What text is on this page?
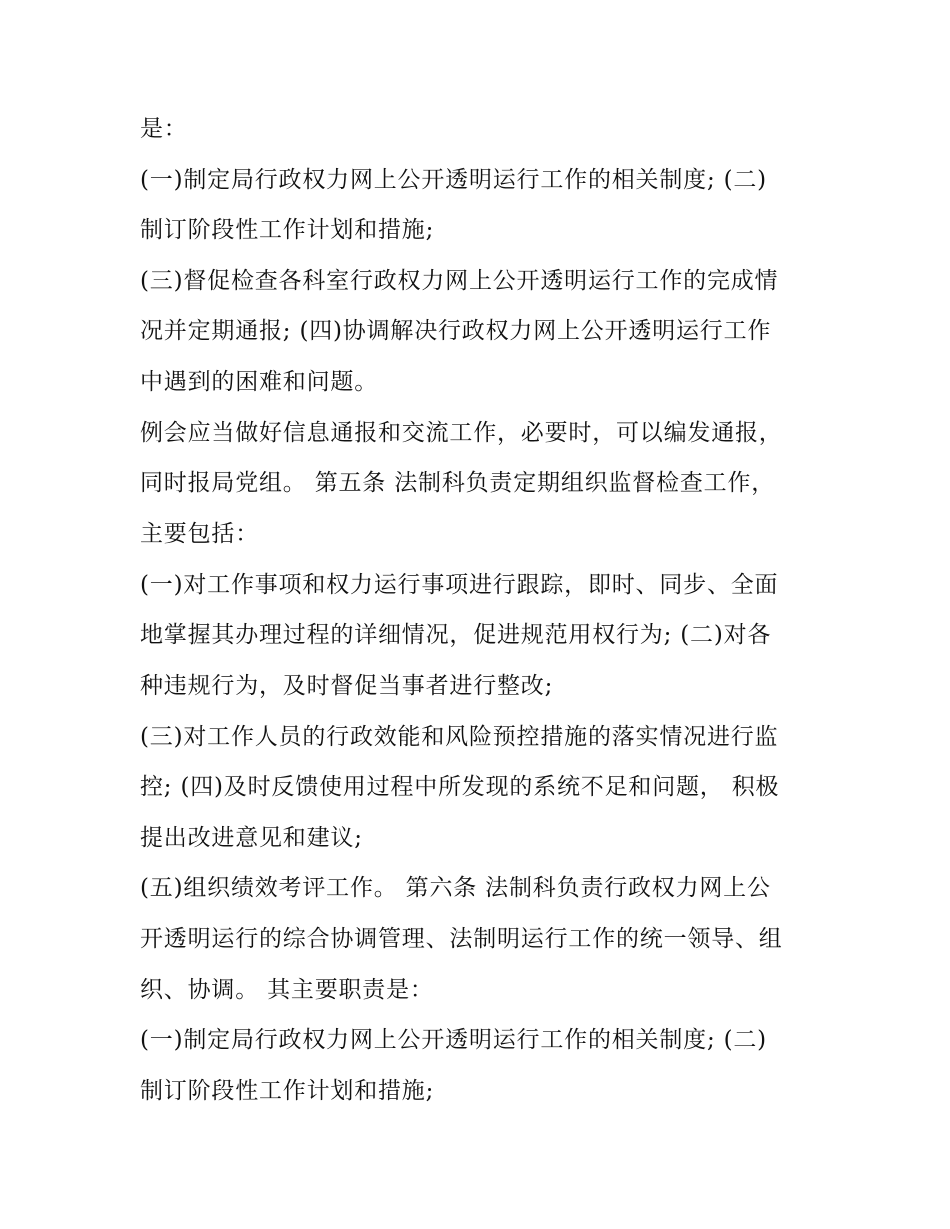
是：

(一)制定局行政权力网上公开透明运行工作的相关制度; (二)

制订阶段性工作计划和措施;

(三)督促检查各科室行政权力网上公开透明运行工作的完成情

况并定期通报; (四)协调解决行政权力网上公开透明运行工作

中遇到的困难和问题。

例会应当做好信息通报和交流工作，必要时，可以编发通报，

同时报局党组。 第五条 法制科负责定期组织监督检查工作，

主要包括：

(一)对工作事项和权力运行事项进行跟踪，即时、同步、全面

地掌握其办理过程的详细情况，促进规范用权行为; (二)对各

种违规行为，及时督促当事者进行整改;

(三)对工作人员的行政效能和风险预控措施的落实情况进行监

控; (四)及时反馈使用过程中所发现的系统不足和问题， 积极

提出改进意见和建议;

(五)组织绩效考评工作。 第六条 法制科负责行政权力网上公

开透明运行的综合协调管理、法制明运行工作的统一领导、组

织、协调。 其主要职责是：

(一)制定局行政权力网上公开透明运行工作的相关制度; (二)

制订阶段性工作计划和措施;
